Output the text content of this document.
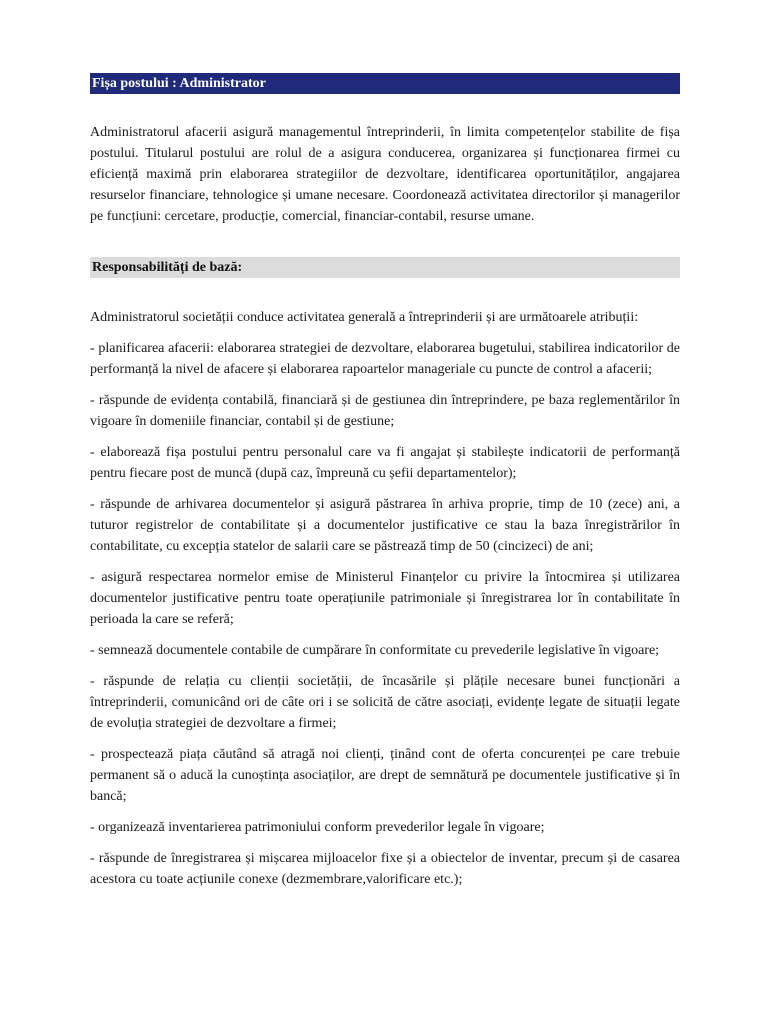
Fișa postului : Administrator

Administratorul afacerii asigură managementul întreprinderii, în limita competențelor stabilite de fișa postului. Titularul postului are rolul de a asigura conducerea, organizarea și funcționarea firmei cu eficiență maximă prin elaborarea strategiilor de dezvoltare, identificarea oportunităților, angajarea resurselor financiare, tehnologice și umane necesare. Coordonează activitatea directorilor și managerilor pe funcțiuni: cercetare, producție, comercial, financiar-contabil, resurse umane.

Responsabilități de bază:

Administratorul societății conduce activitatea generală a întreprinderii și are următoarele atribuții:

- planificarea afacerii: elaborarea strategiei de dezvoltare, elaborarea bugetului, stabilirea indicatorilor de performanță la nivel de afacere și elaborarea rapoartelor manageriale cu puncte de control a afacerii;

- răspunde de evidența contabilă, financiară și de gestiunea din întreprindere, pe baza reglementărilor în vigoare în domeniile financiar, contabil și de gestiune;

- elaborează fișa postului pentru personalul care va fi angajat și stabilește indicatorii de performanță pentru fiecare post de muncă (după caz, împreună cu șefii departamentelor);

- răspunde de arhivarea documentelor și asigură păstrarea în arhiva proprie, timp de 10 (zece) ani, a tuturor registrelor de contabilitate și a documentelor justificative ce stau la baza înregistrărilor în contabilitate, cu excepția statelor de salarii care se păstrează timp de 50 (cincizeci) de ani;

- asigură respectarea normelor emise de Ministerul Finanțelor cu privire la întocmirea și utilizarea documentelor justificative pentru toate operațiunile patrimoniale și înregistrarea lor în contabilitate în perioada la care se referă;

- semnează documentele contabile de cumpărare în conformitate cu prevederile legislative în vigoare;

- răspunde de relația cu clienții societății, de încasările și plățile necesare bunei funcționări a întreprinderii, comunicând ori de câte ori i se solicită de către asociați, evidențe legate de situații legate de evoluția strategiei de dezvoltare a firmei;

- prospectează piața căutând să atragă noi clienți, ținând cont de oferta concurenței pe care trebuie permanent să o aducă la cunoștința asociaților, are drept de semnătură pe documentele justificative și în bancă;

- organizează inventarierea patrimoniului conform prevederilor legale în vigoare;

- răspunde de înregistrarea și mișcarea mijloacelor fixe și a obiectelor de inventar, precum și de casarea acestora cu toate acțiunile conexe (dezmembrare,valorificare etc.);
